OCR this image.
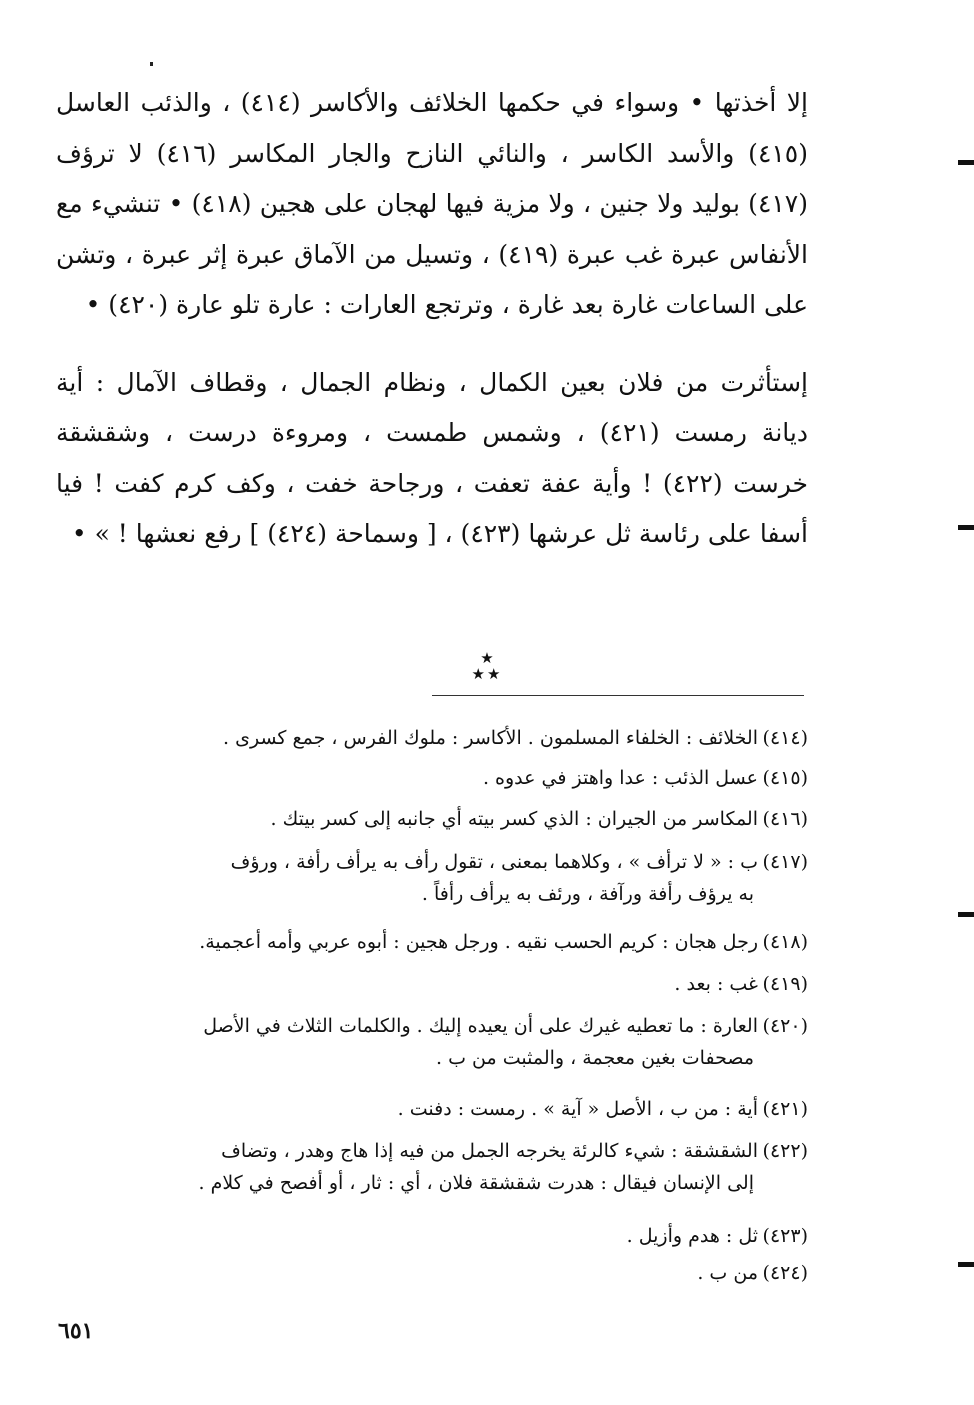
إلا أخذتها • وسواء في حكمها الخلائف والأكاسر (٤١٤) ، والذئب العاسل (٤١٥) والأسد الكاسر ، والنائي النازح والجار المكاسر (٤١٦) لا ترؤف (٤١٧) بوليد ولا جنين ، ولا مزية فيها لهجان على هجين (٤١٨) • تنشيء مع الأنفاس عبرة غب عبرة (٤١٩) ، وتسيل من الآماق عبرة إثر عبرة ، وتشن على الساعات غارة بعد غارة ، وترتجع العارات : عارة تلو عارة (٤٢٠) •

إستأثرت من فلان بعين الكمال ، ونظام الجمال ، وقطاف الآمال : أية ديانة رمست (٤٢١) ، وشمس طمست ، ومروءة درست ، وشقشقة خرست (٤٢٢) ! وأية عفة تعفت ، ورجاحة خفت ، وكف كرم كفت ! فيا أسفا على رئاسة ثل عرشها (٤٢٣) ، [ وسماحة (٤٢٤) ] رفع نعشها ! » •

★
★★
(٤١٤)الخلائف : الخلفاء المسلمون . الأكاسر : ملوك الفرس ، جمع كسرى .
(٤١٥)عسل الذئب : عدا واهتز في عدوه .
(٤١٦)المكاسر من الجيران : الذي كسر بيته أي جانبه إلى كسر بيتك .
(٤١٧)ب : « لا ترأف » ، وكلاهما بمعنى ، تقول رأف به يرأف رأفة ، ورؤف
به يرؤف رأفة ورآفة ، ورئف به يرأف رأفاً .
(٤١٨)رجل هجان : كريم الحسب نقيه . ورجل هجين : أبوه عربي وأمه أعجمية.
(٤١٩)غب : بعد .
(٤٢٠)العارة : ما تعطيه غيرك على أن يعيده إليك . والكلمات الثلاث في الأصل
مصحفات بغين معجمة ، والمثبت من ب .
(٤٢١)أية : من ب ، الأصل « آية » . رمست : دفنت .
(٤٢٢)الشقشقة : شيء كالرئة يخرجه الجمل من فيه إذا هاج وهدر ، وتضاف
إلى الإنسان فيقال : هدرت شقشقة فلان ، أي : ثار ، أو أفصح في كلام .
(٤٢٣)ثل : هدم وأزيل .
(٤٢٤)من ب .
٦٥١
